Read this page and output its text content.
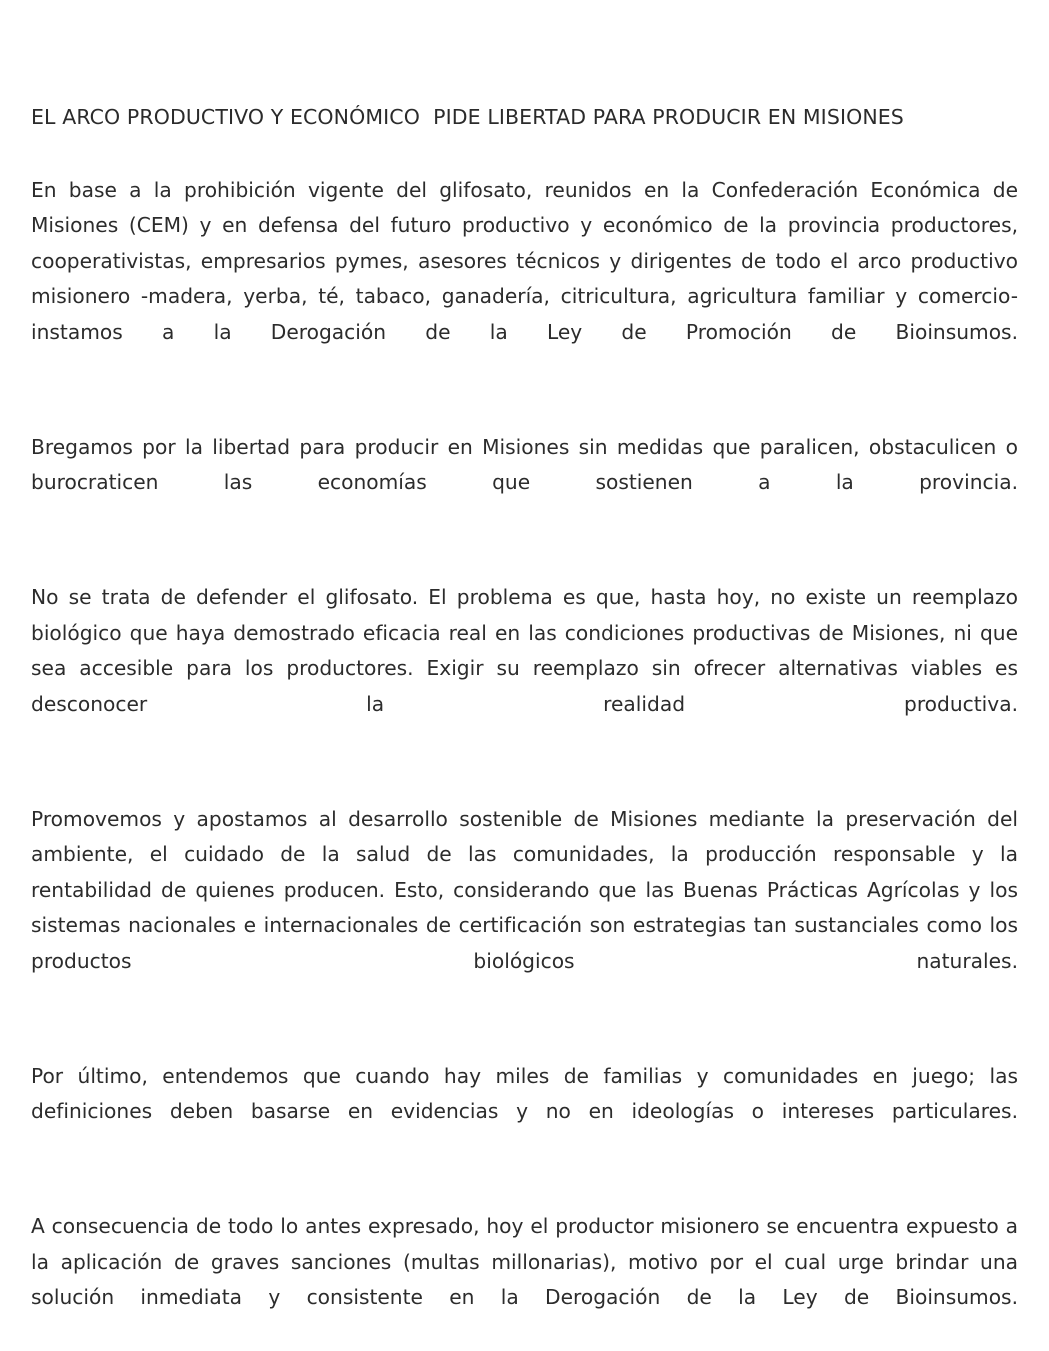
EL ARCO PRODUCTIVO Y ECONÓMICO  PIDE LIBERTAD PARA PRODUCIR EN MISIONES

En base a la prohibición vigente del glifosato, reunidos en la Confederación Económica de Misiones (CEM) y en defensa del futuro productivo y económico de la provincia productores, cooperativistas, empresarios pymes, asesores técnicos y dirigentes de todo el arco productivo misionero -madera, yerba, té, tabaco, ganadería, citricultura, agricultura familiar y comercio- instamos a la Derogación de la Ley de Promoción de Bioinsumos.

Bregamos por la libertad para producir en Misiones sin medidas que paralicen, obstaculicen o burocraticen las economías que sostienen a la provincia.

No se trata de defender el glifosato. El problema es que, hasta hoy, no existe un reemplazo biológico que haya demostrado eficacia real en las condiciones productivas de Misiones, ni que sea accesible para los productores. Exigir su reemplazo sin ofrecer alternativas viables es desconocer la realidad productiva.

Promovemos y apostamos al desarrollo sostenible de Misiones mediante la preservación del ambiente, el cuidado de la salud de las comunidades, la producción responsable y la rentabilidad de quienes producen. Esto, considerando que las Buenas Prácticas Agrícolas y los sistemas nacionales e internacionales de certificación son estrategias tan sustanciales como los productos biológicos naturales.

Por último, entendemos que cuando hay miles de familias y comunidades en juego; las definiciones deben basarse en evidencias y no en ideologías o intereses particulares.

A consecuencia de todo lo antes expresado, hoy el productor misionero se encuentra expuesto a la aplicación de graves sanciones (multas millonarias), motivo por el cual urge brindar una solución inmediata y consistente en la Derogación de la Ley de Bioinsumos.
